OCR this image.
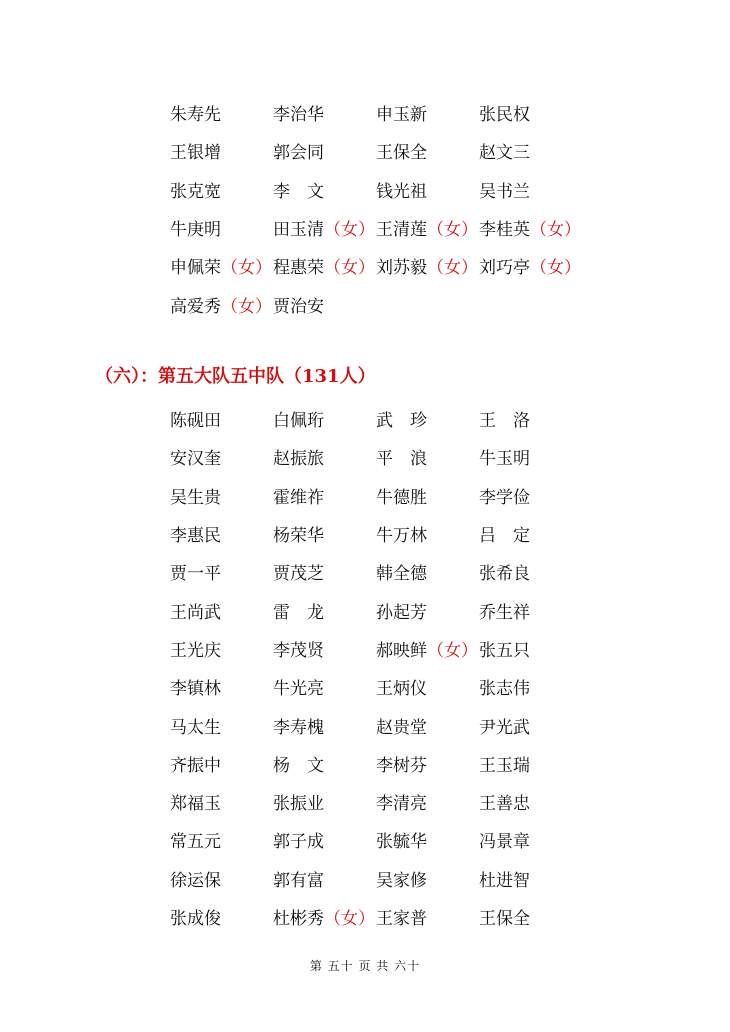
朱寿先	李治华	申玉新	张民权
王银增	郭会同	王保全	赵文三
张克宽	李　文	钱光祖	吴书兰
牛庚明	田玉清（女） 王清莲（女） 李桂英（女）
申佩荣（女） 程惠荣（女） 刘苏毅（女） 刘巧亭（女）
高爱秀（女） 贾治安
（六）：第五大队五中队（131人）
陈砚田	白佩珩	武　珍	王　洛
安汉奎	赵振旅	平　浪	牛玉明
吴生贵	霍维祚	牛德胜	李学俭
李惠民	杨荣华	牛万林	吕　定
贾一平	贾茂芝	韩全德	张希良
王尚武	雷　龙	孙起芳	乔生祥
王光庆	李茂贤	郝映鲜（女） 张五只
李镇林	牛光亮	王炳仪	张志伟
马太生	李寿槐	赵贵堂	尹光武
齐振中	杨　文	李树芬	王玉瑞
郑福玉	张振业	李清亮	王善忠
常五元	郭子成	张毓华	冯景章
徐运保	郭有富	吴家修	杜进智
张成俊	杜彬秀（女） 王家普	王保全
第 五十 页 共 六十
